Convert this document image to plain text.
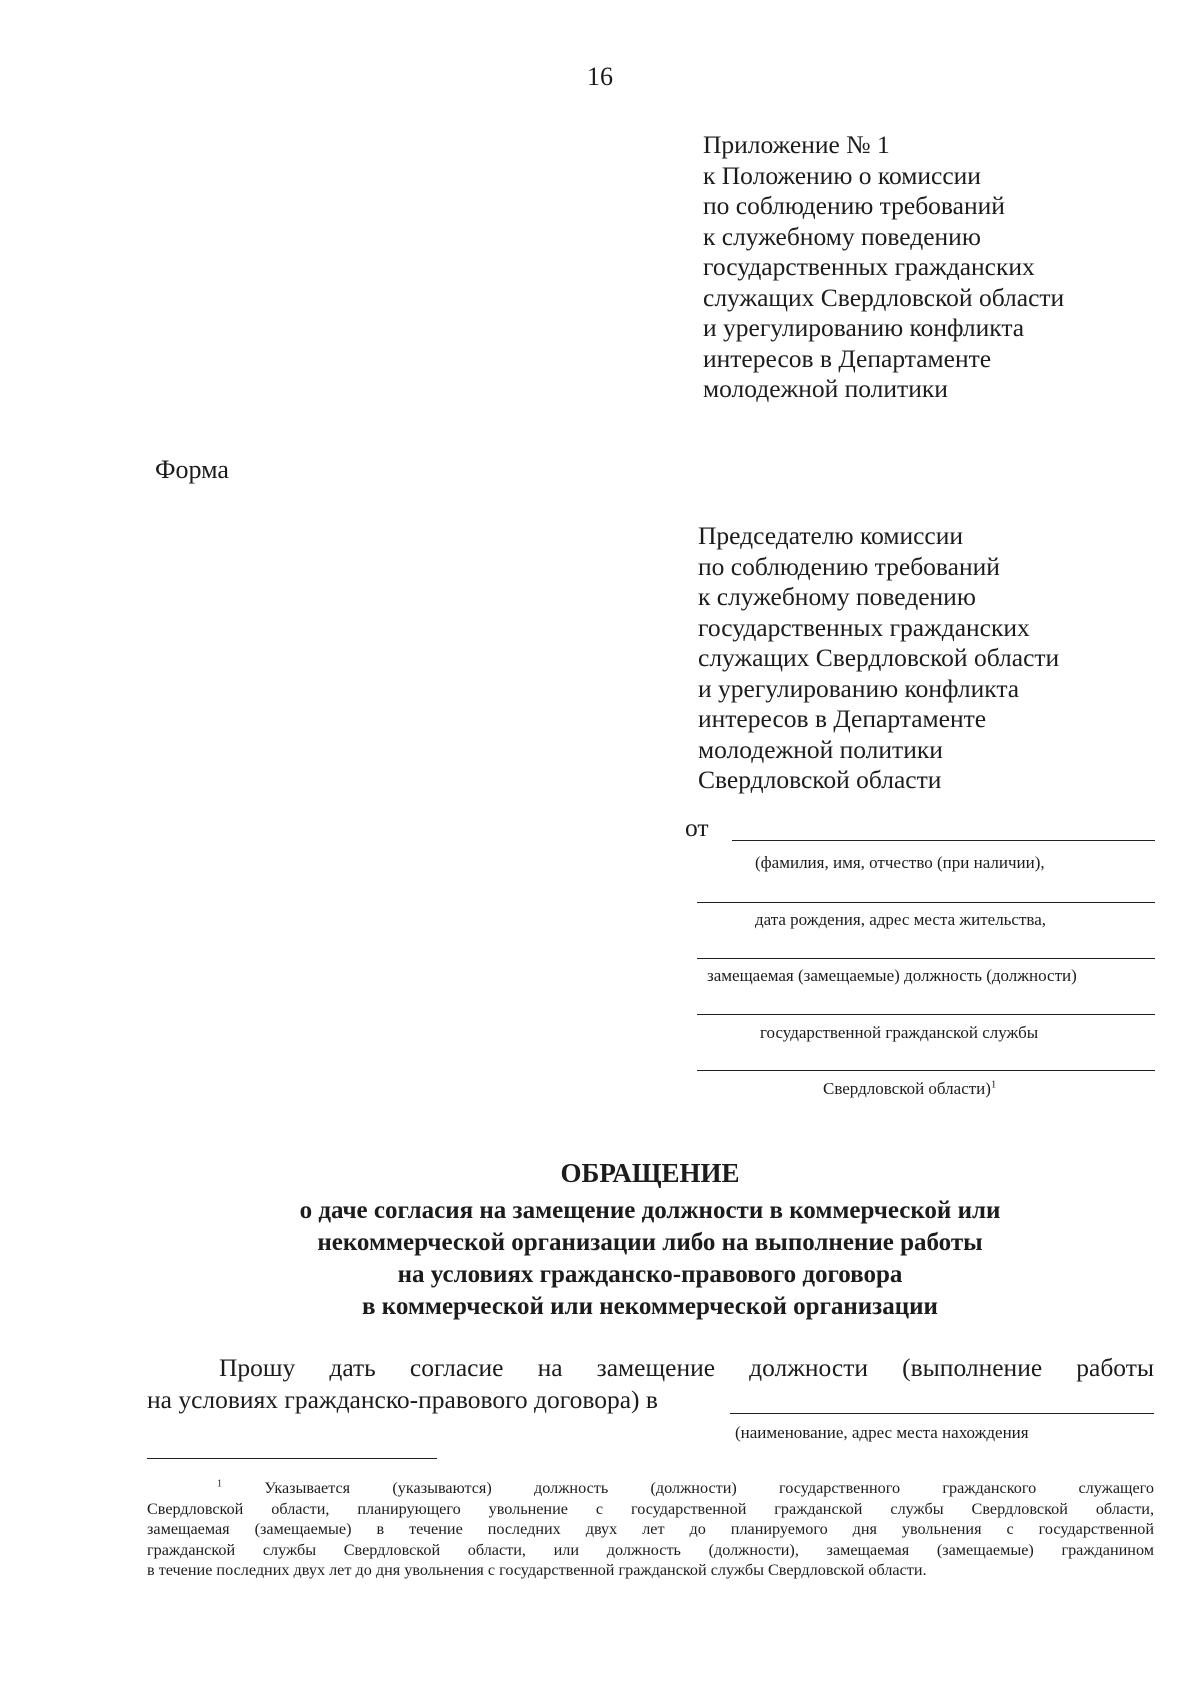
16
Приложение № 1
к Положению о комиссии
по соблюдению требований
к служебному поведению
государственных гражданских
служащих Свердловской области
и урегулированию конфликта
интересов в Департаменте
молодежной политики
Форма
Председателю комиссии
по соблюдению требований
к служебному поведению
государственных гражданских
служащих Свердловской области
и урегулированию конфликта
интересов в Департаменте
молодежной политики
Свердловской области
от
(фамилия, имя, отчество (при наличии),
дата рождения, адрес места жительства,
замещаемая (замещаемые) должность (должности)
государственной гражданской службы
Свердловской области)$^1$
ОБРАЩЕНИЕ
о даче согласия на замещение должности в коммерческой или
некоммерческой организации либо на выполнение работы
на условиях гражданско-правового договора
в коммерческой или некоммерческой организации
Прошу дать согласие на замещение должности (выполнение работы
на условиях гражданско-правового договора) в
(наименование, адрес места нахождения
$^1$	Указывается (указываются) должность (должности) государственного гражданского служащего
Свердловской области, планирующего увольнение с государственной гражданской службы Свердловской области,
замещаемая (замещаемые) в течение последних двух лет до планируемого дня увольнения с государственной
гражданской службы Свердловской области, или должность (должности), замещаемая (замещаемые) гражданином
в течение последних двух лет до дня увольнения с государственной гражданской службы Свердловской области.
